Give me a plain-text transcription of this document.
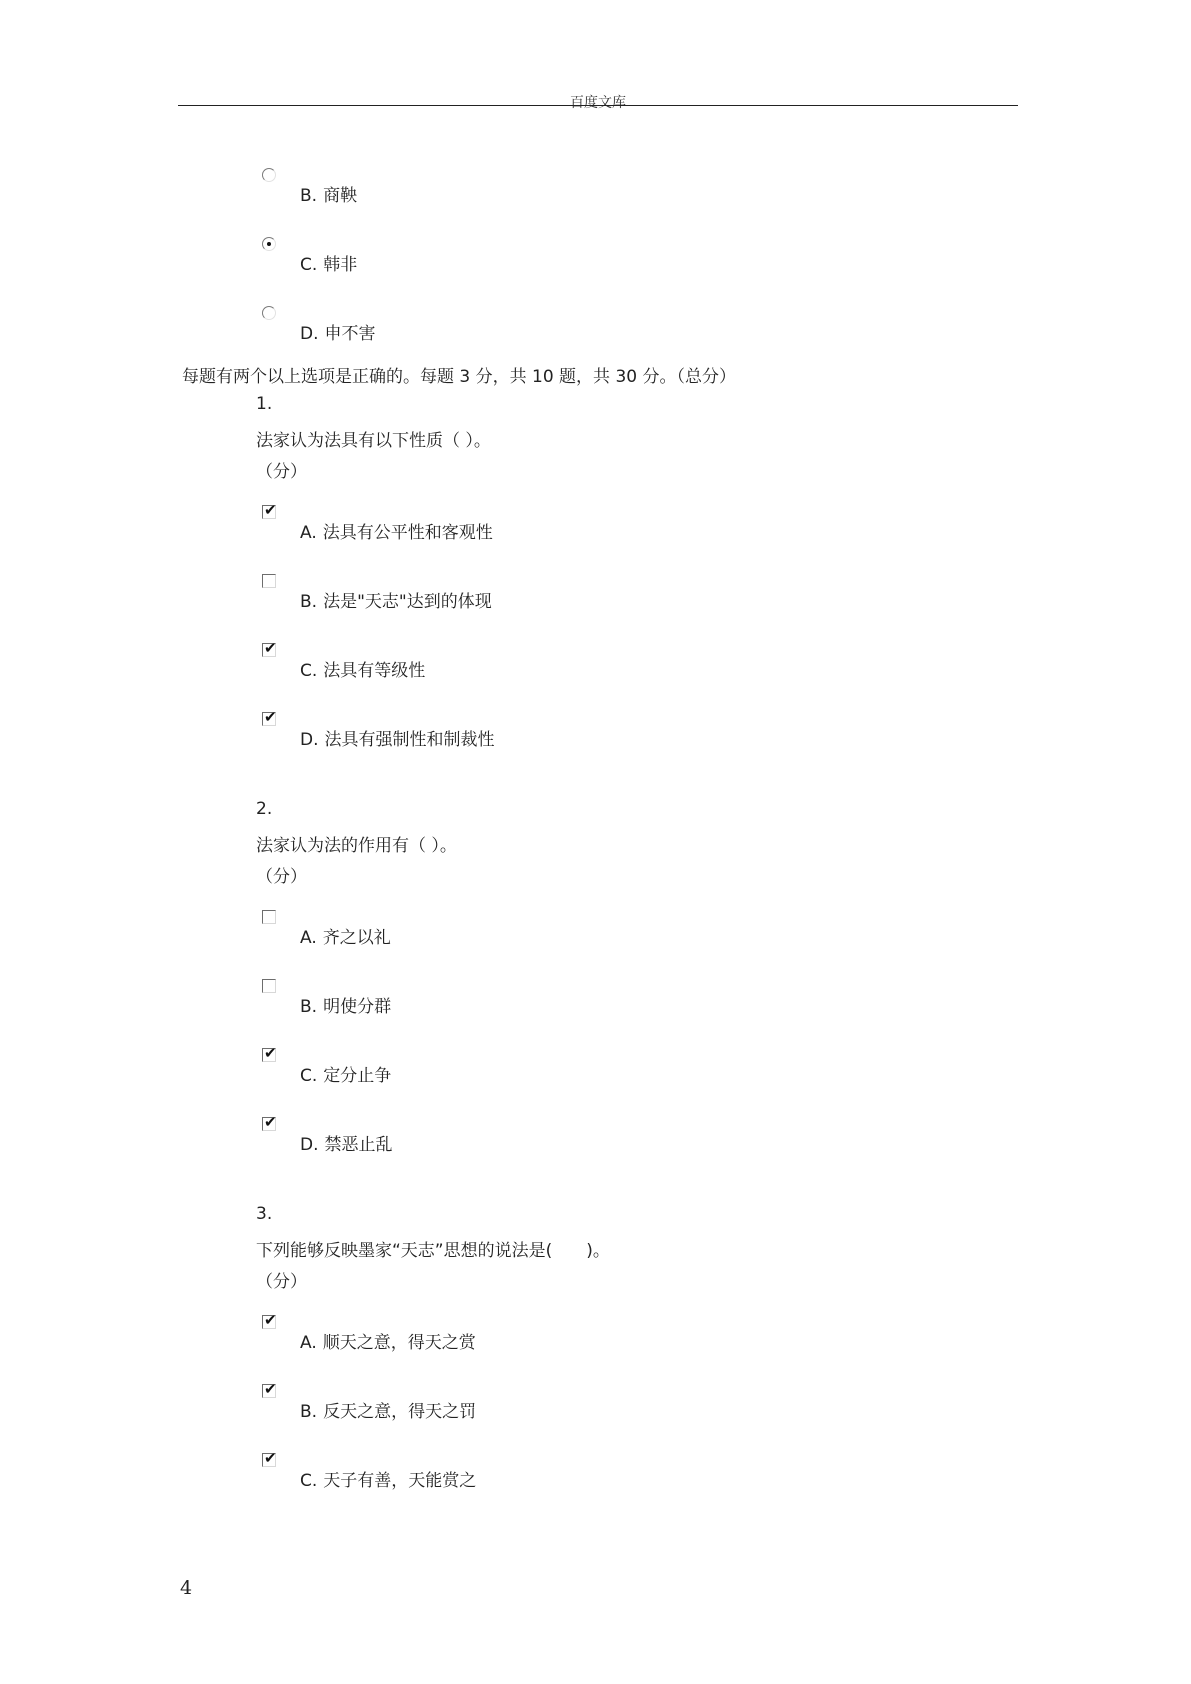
百度文库
B. 商鞅
C. 韩非
D. 申不害
每题有两个以上选项是正确的。每题 3 分，共 10 题，共 30 分。（总分）
1.
法家认为法具有以下性质（ ）。
（分）
✔
A. 法具有公平性和客观性
B. 法是"天志"达到的体现
✔
C. 法具有等级性
✔
D. 法具有强制性和制裁性
2.
法家认为法的作用有（ ）。
（分）
A. 齐之以礼
B. 明使分群
✔
C. 定分止争
✔
D. 禁恶止乱
3.
下列能够反映墨家“天志”思想的说法是(　　)。
（分）
✔
A. 顺天之意，得天之赏
✔
B. 反天之意，得天之罚
✔
C. 天子有善，天能赏之
4
